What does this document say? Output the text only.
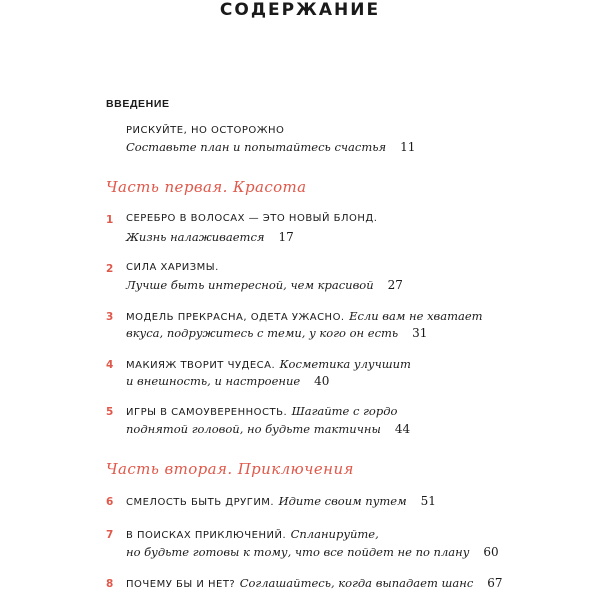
СОДЕРЖАНИЕ
ВВЕДЕНИЕ
РИСКУЙТЕ, НО ОСТОРОЖНО
Составьте план и попытайтесь счастья 11
Часть первая. Красота
1 СЕРЕБРО В ВОЛОСАХ — ЭТО НОВЫЙ БЛОНД.
Жизнь налаживается 17
2 СИЛА ХАРИЗМЫ.
Лучше быть интересной, чем красивой 27
3 МОДЕЛЬ ПРЕКРАСНА, ОДЕТА УЖАСНО. Если вам не хватает
вкуса, подружитесь с теми, у кого он есть 31
4 МАКИЯЖ ТВОРИТ ЧУДЕСА. Косметика улучшит
и внешность, и настроение 40
5 ИГРЫ В САМОУВЕРЕННОСТЬ. Шагайте с гордо
поднятой головой, но будьте тактичны 44
Часть вторая. Приключения
6 СМЕЛОСТЬ БЫТЬ ДРУГИМ. Идите своим путем 51
7 В ПОИСКАХ ПРИКЛЮЧЕНИЙ. Спланируйте,
но будьте готовы к тому, что все пойдет не по плану 60
8 ПОЧЕМУ БЫ И НЕТ? Соглашайтесь, когда выпадает шанс 67
